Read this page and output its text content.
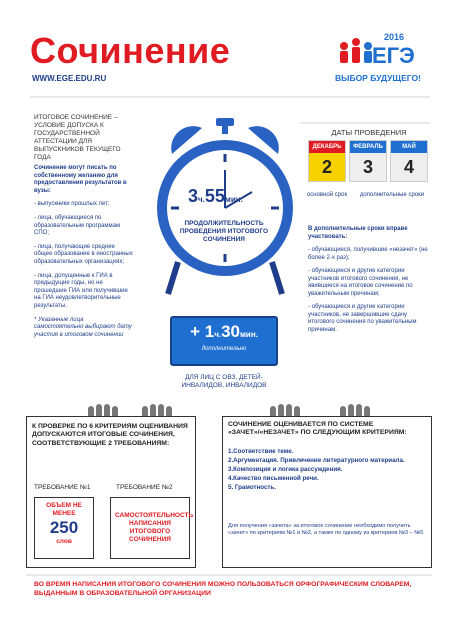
Сочинение
WWW.EGE.EDU.RU
2016
ЕГЭ
ВЫБОР БУДУЩЕГО!
ИТОГОВОЕ СОЧИНЕНИЕ – УСЛОВИЕ ДОПУСКА К ГОСУДАРСТВЕННОЙ АТТЕСТАЦИИ ДЛЯ ВЫПУСКНИКОВ ТЕКУЩЕГО ГОДА

Сочинение могут писать по собственному желанию для предоставления результатов в вузы:

- выпускники прошлых лет;

- лица, обучающиеся по образовательным программам СПО;

- лица, получающие среднее общее образование в иностранных образовательных организациях;

- лица, допущенные к ГИА в предыдущие годы, но не прошедшие ГИА или получившие на ГИА неудовлетворительные результаты.

* Указанные лица самостоятельно выбирают дату участия в итоговом сочинении

3ч.55мин.
ПРОДОЛЖИТЕЛЬНОСТЬ ПРОВЕДЕНИЯ ИТОГОВОГО СОЧИНЕНИЯ
+ 1ч.30мин.
дополнительно
ДЛЯ ЛИЦ С ОВЗ, ДЕТЕЙ-ИНВАЛИДОВ, ИНВАЛИДОВ
ДАТЫ ПРОВЕДЕНИЯ
ДЕКАБРЬ
2
ФЕВРАЛЬ
3
МАЙ
4
основной срок	дополнительные сроки

В дополнительные сроки вправе участвовать:

- обучающиеся, получившие «незачет» (не более 2-х раз);

- обучающиеся и другие категории участников итогового сочинения, не явившиеся на итоговое сочинение по уважительным причинам;

- обучающиеся и другие категории участников, не завершившие сдачу итогового сочинения по уважительным причинам.

К ПРОВЕРКЕ ПО 6 КРИТЕРИЯМ ОЦЕНИВАНИЯ ДОПУСКАЮТСЯ ИТОГОВЫЕ СОЧИНЕНИЯ, СООТВЕТСТВУЮЩИЕ 2 ТРЕБОВАНИЯМ:
ТРЕБОВАНИЕ №1	ТРЕБОВАНИЕ №2
ОБЪЕМ НЕ МЕНЕЕ
250
слов
САМОСТОЯТЕЛЬНОСТЬ НАПИСАНИЯ ИТОГОВОГО СОЧИНЕНИЯ
СОЧИНЕНИЕ ОЦЕНИВАЕТСЯ ПО СИСТЕМЕ «ЗАЧЕТ»/«НЕЗАЧЕТ» ПО СЛЕДУЮЩИМ КРИТЕРИЯМ:
1.Соответствие теме.
2.Аргументация. Привлечение литературного материала.
3.Композиция и логика рассуждения.
4.Качество письменной речи.
5. Грамотность.
Для получения «зачета» за итоговое сочинение необходимо получить «зачет» по критериям №1 и №2, а также по одному из критериев №3 – №5
ВО ВРЕМЯ НАПИСАНИЯ ИТОГОВОГО СОЧИНЕНИЯ МОЖНО ПОЛЬЗОВАТЬСЯ ОРФОГРАФИЧЕСКИМ СЛОВАРЕМ, ВЫДАННЫМ В ОБРАЗОВАТЕЛЬНОЙ ОРГАНИЗАЦИИ
